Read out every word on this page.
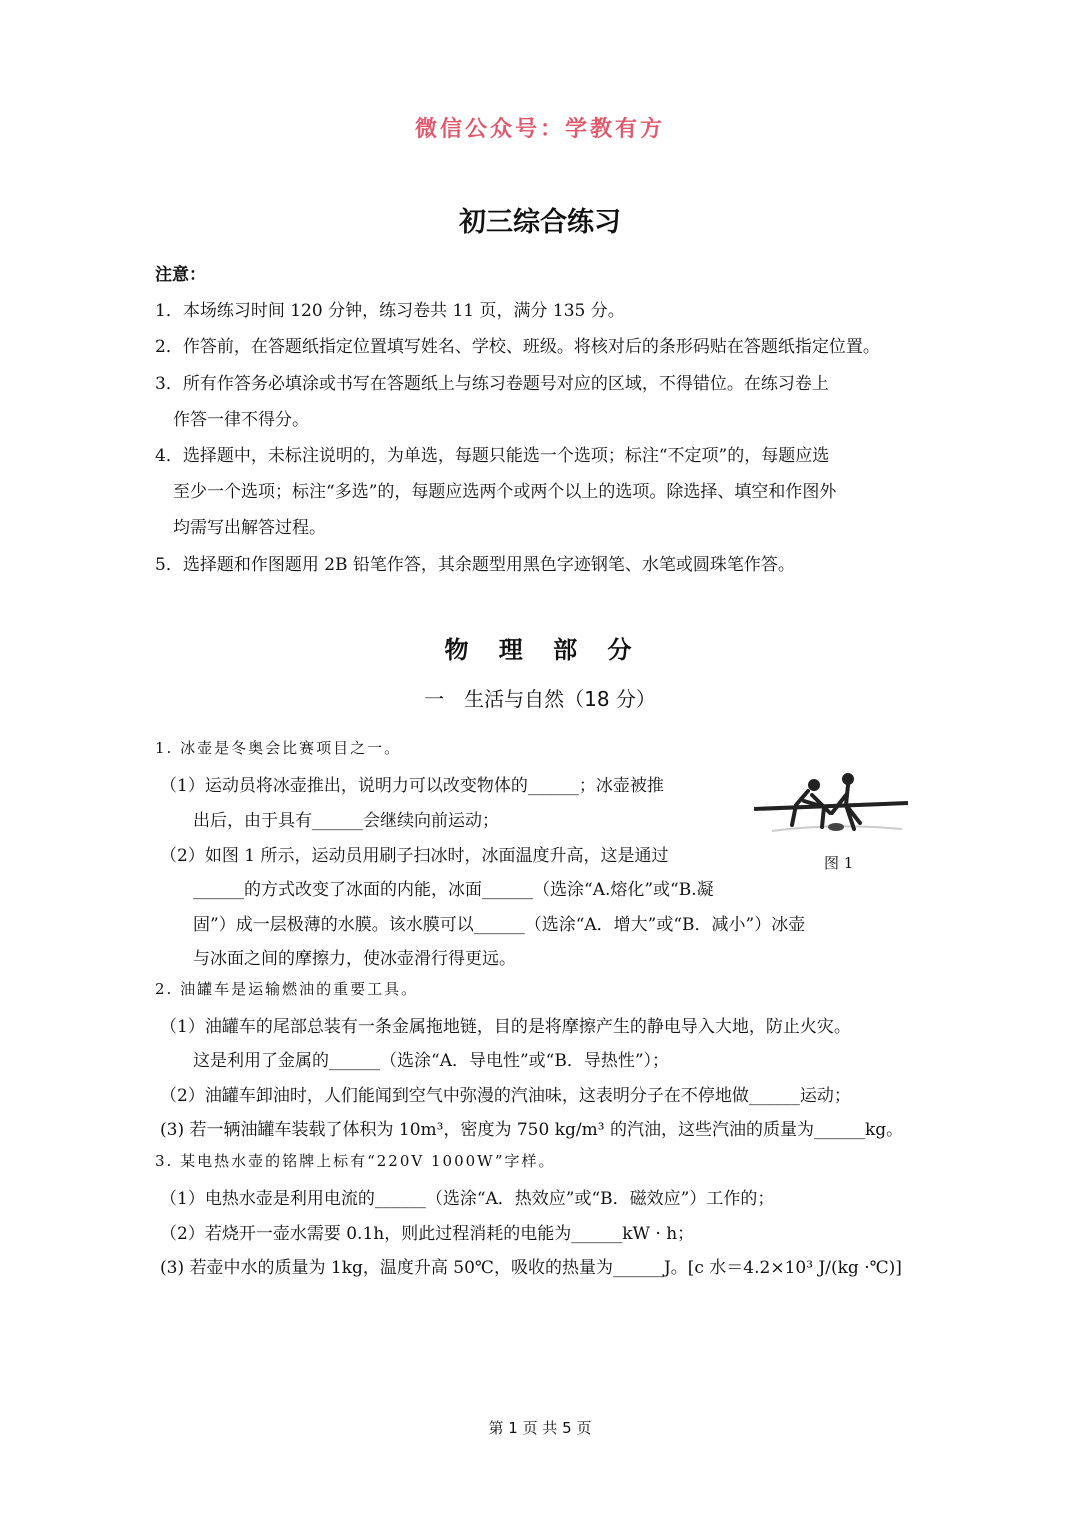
微信公众号：学教有方
初三综合练习
注意：
1．本场练习时间 120 分钟，练习卷共 11 页，满分 135 分。
2．作答前，在答题纸指定位置填写姓名、学校、班级。将核对后的条形码贴在答题纸指定位置。
3．所有作答务必填涂或书写在答题纸上与练习卷题号对应的区域，不得错位。在练习卷上
作答一律不得分。
4．选择题中，未标注说明的，为单选，每题只能选一个选项；标注“不定项”的，每题应选
至少一个选项；标注“多选”的，每题应选两个或两个以上的选项。除选择、填空和作图外
均需写出解答过程。
5．选择题和作图题用 2B 铅笔作答，其余题型用黑色字迹钢笔、水笔或圆珠笔作答。
物 理 部 分
一　生活与自然（18 分）
1. 冰壶是冬奥会比赛项目之一。
（1）运动员将冰壶推出，说明力可以改变物体的______；冰壶被推
出后，由于具有______会继续向前运动；
（2）如图 1 所示，运动员用刷子扫冰时，冰面温度升高，这是通过
______的方式改变了冰面的内能，冰面______（选涂“A.熔化”或“B.凝
固”）成一层极薄的水膜。该水膜可以______（选涂“A．增大”或“B．减小”）冰壶
与冰面之间的摩擦力，使冰壶滑行得更远。
图 1
2. 油罐车是运输燃油的重要工具。
（1）油罐车的尾部总装有一条金属拖地链，目的是将摩擦产生的静电导入大地，防止火灾。
这是利用了金属的______（选涂“A．导电性”或“B．导热性”）；
（2）油罐车卸油时，人们能闻到空气中弥漫的汽油味，这表明分子在不停地做______运动；
(3) 若一辆油罐车装载了体积为 10m³，密度为 750 kg/m³ 的汽油，这些汽油的质量为______kg。
3. 某电热水壶的铭牌上标有“220V 1000W”字样。
（1）电热水壶是利用电流的______（选涂“A．热效应”或“B．磁效应”）工作的；
（2）若烧开一壶水需要 0.1h，则此过程消耗的电能为______kW · h；
(3) 若壶中水的质量为 1kg，温度升高 50℃，吸收的热量为______J。[c 水＝4.2×10³ J/(kg ·℃)]
第 1 页 共 5 页
